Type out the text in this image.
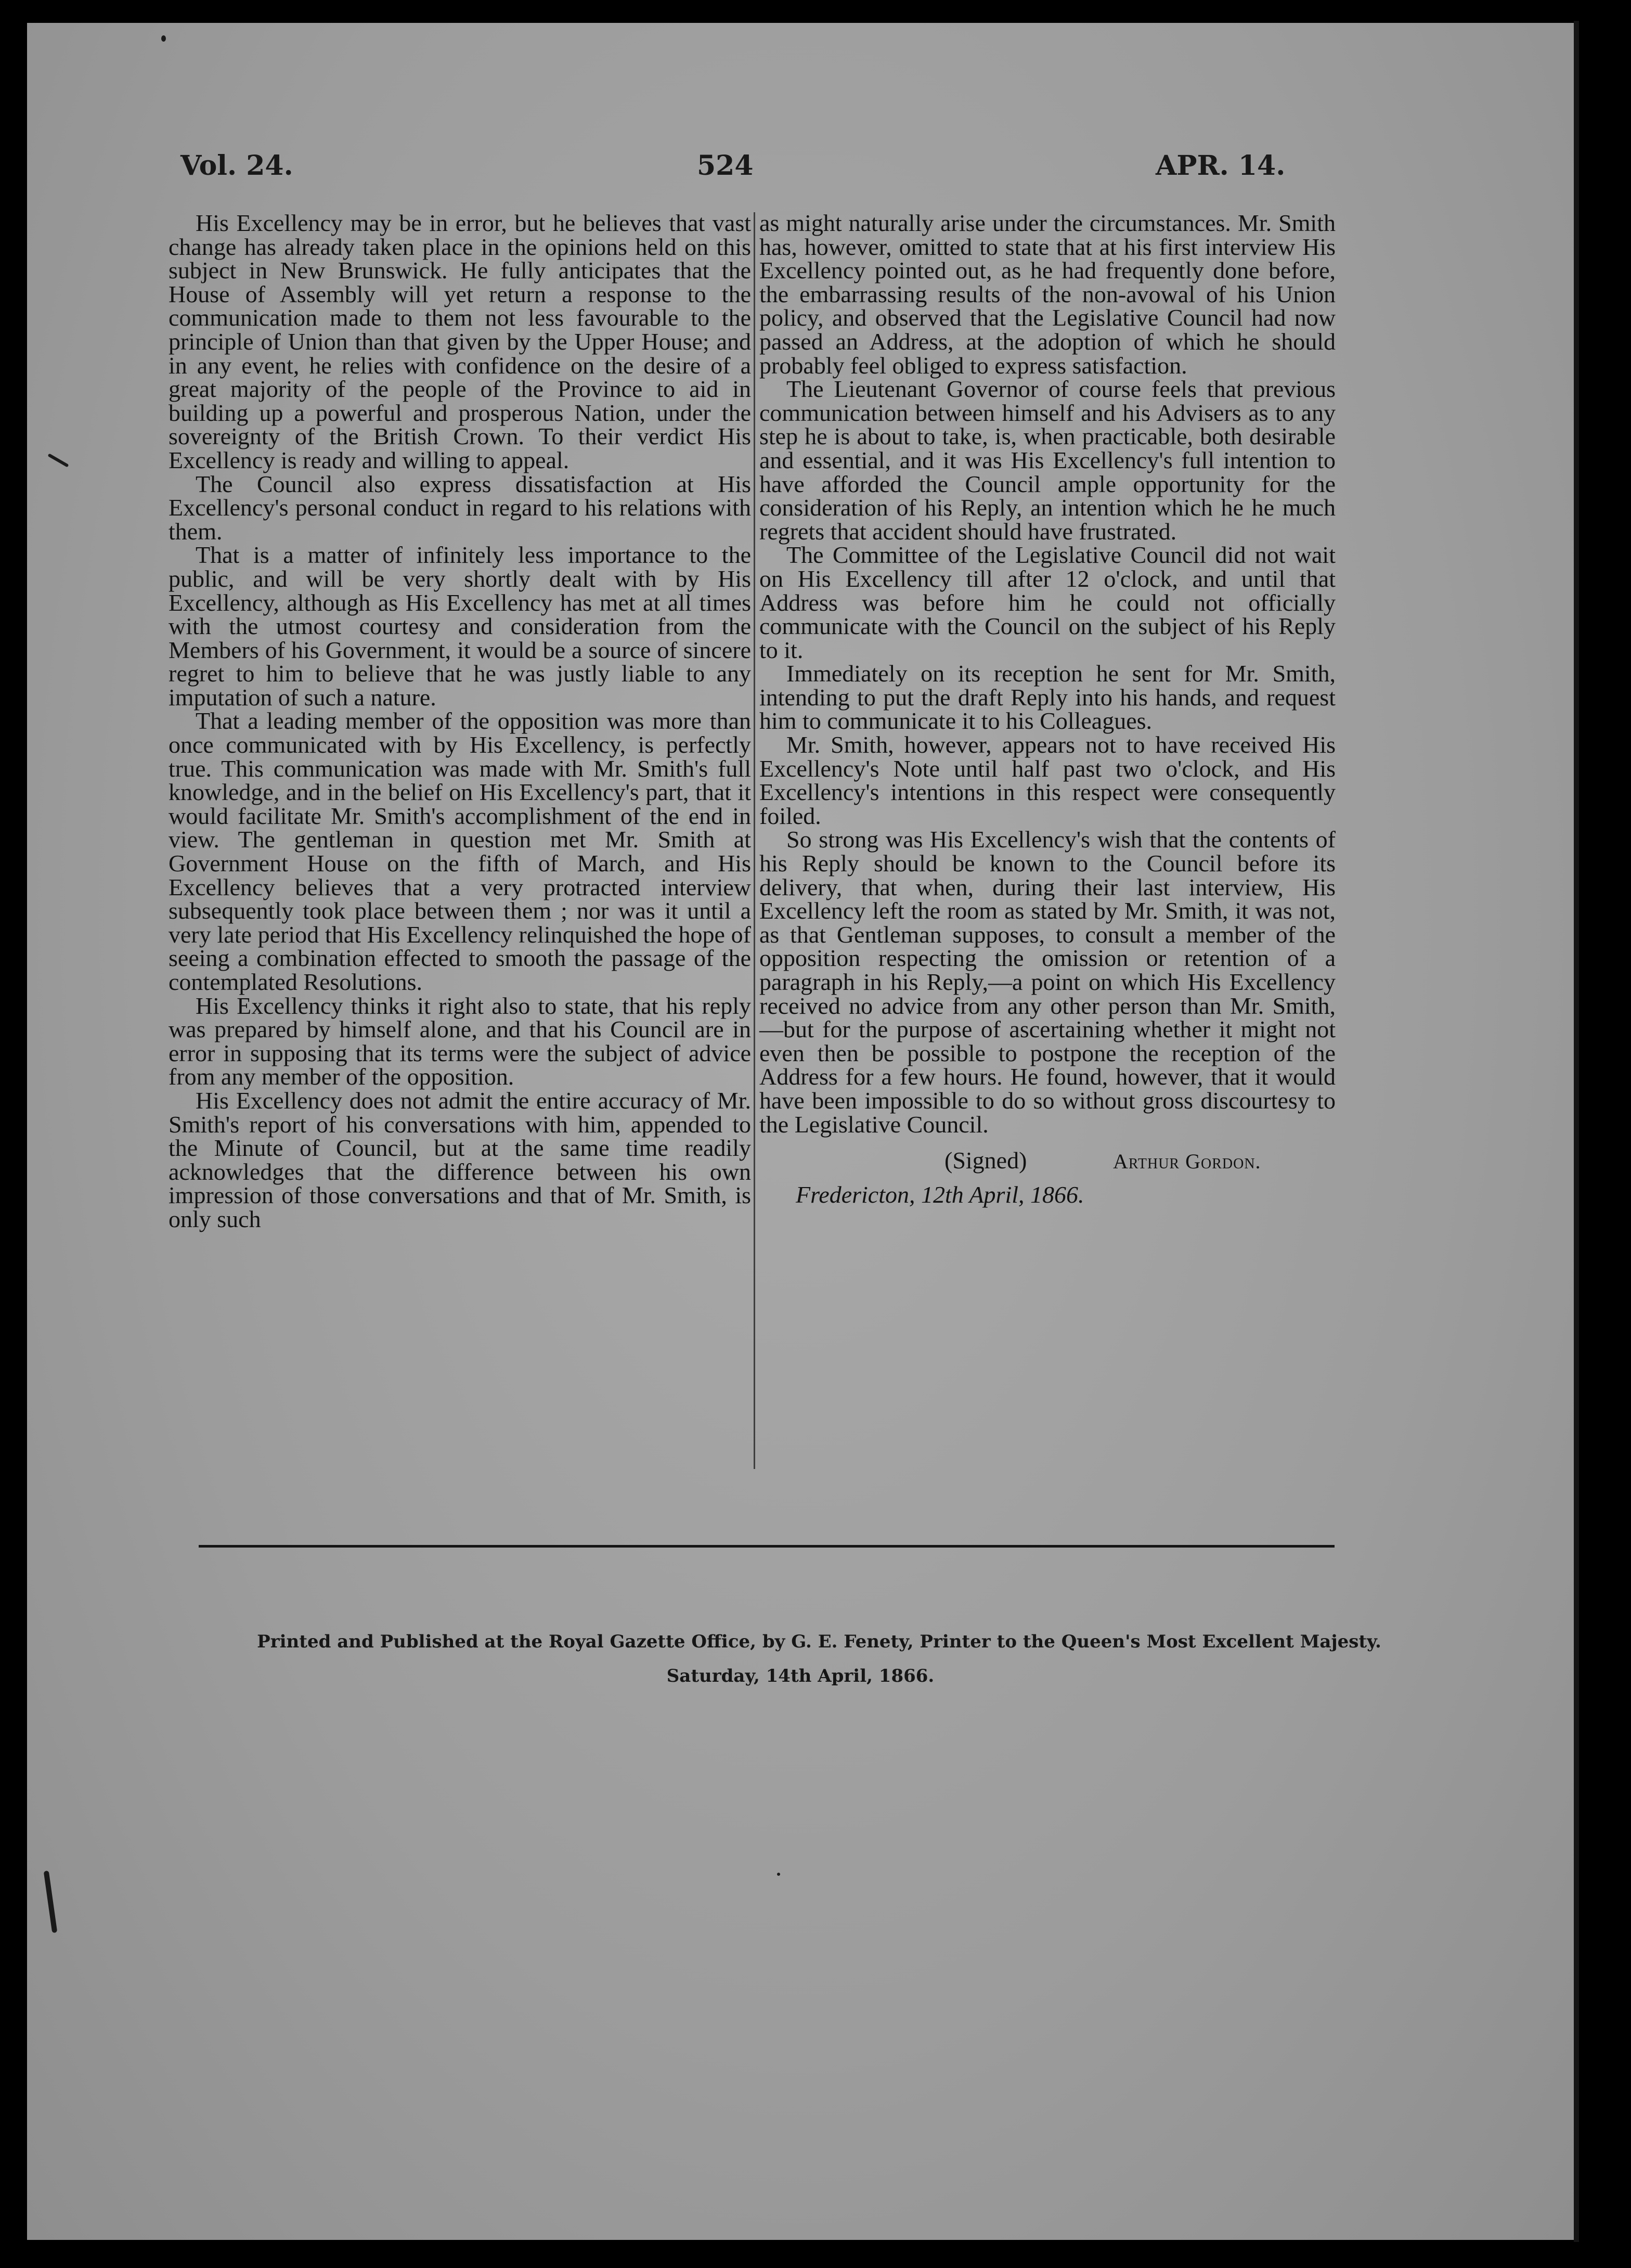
Vol. 24.	524	APR. 14.

His Excellency may be in error, but he believes that vast change has already taken place in the opinions held on this subject in New Brunswick. He fully anticipates that the House of Assembly will yet return a response to the communication made to them not less favourable to the principle of Union than that given by the Upper House; and in any event, he relies with confidence on the desire of a great majority of the people of the Province to aid in building up a powerful and prosperous Nation, under the sovereignty of the British Crown. To their verdict His Excellency is ready and willing to appeal.

The Council also express dissatisfaction at His Excellency's personal conduct in regard to his relations with them.

That is a matter of infinitely less importance to the public, and will be very shortly dealt with by His Excellency, although as His Excellency has met at all times with the utmost courtesy and consideration from the Members of his Government, it would be a source of sincere regret to him to believe that he was justly liable to any imputation of such a nature.

That a leading member of the opposition was more than once communicated with by His Excellency, is perfectly true. This communication was made with Mr. Smith's full knowledge, and in the belief on His Excellency's part, that it would facilitate Mr. Smith's accomplishment of the end in view. The gentleman in question met Mr. Smith at Government House on the fifth of March, and His Excellency believes that a very protracted interview subsequently took place between them ; nor was it until a very late period that His Excellency relinquished the hope of seeing a combination effected to smooth the passage of the contemplated Resolutions.

His Excellency thinks it right also to state, that his reply was prepared by himself alone, and that his Council are in error in supposing that its terms were the subject of advice from any member of the opposition.

His Excellency does not admit the entire accuracy of Mr. Smith's report of his conversations with him, appended to the Minute of Council, but at the same time readily acknowledges that the difference between his own impression of those conversations and that of Mr. Smith, is only such

as might naturally arise under the circumstances. Mr. Smith has, however, omitted to state that at his first interview His Excellency pointed out, as he had frequently done before, the embarrassing results of the non-avowal of his Union policy, and observed that the Legislative Council had now passed an Address, at the adoption of which he should probably feel obliged to express satisfaction.

The Lieutenant Governor of course feels that previous communication between himself and his Advisers as to any step he is about to take, is, when practicable, both desirable and essential, and it was His Excellency's full intention to have afforded the Council ample opportunity for the consideration of his Reply, an intention which he he much regrets that accident should have frustrated.

The Committee of the Legislative Council did not wait on His Excellency till after 12 o'clock, and until that Address was before him he could not officially communicate with the Council on the subject of his Reply to it.

Immediately on its reception he sent for Mr. Smith, intending to put the draft Reply into his hands, and request him to communicate it to his Colleagues.

Mr. Smith, however, appears not to have received His Excellency's Note until half past two o'clock, and His Excellency's intentions in this respect were consequently foiled.

So strong was His Excellency's wish that the contents of his Reply should be known to the Council before its delivery, that when, during their last interview, His Excellency left the room as stated by Mr. Smith, it was not, as that Gentleman supposes, to consult a member of the opposition respecting the omission or retention of a paragraph in his Reply,—a point on which His Excellency received no advice from any other person than Mr. Smith,—but for the purpose of ascertaining whether it might not even then be possible to postpone the reception of the Address for a few hours. He found, however, that it would have been impossible to do so without gross discourtesy to the Legislative Council.

(Signed)	Arthur Gordon.
Fredericton, 12th April, 1866.
Printed and Published at the Royal Gazette Office, by G. E. Fenety, Printer to the Queen's Most Excellent Majesty.
Saturday, 14th April, 1866.
